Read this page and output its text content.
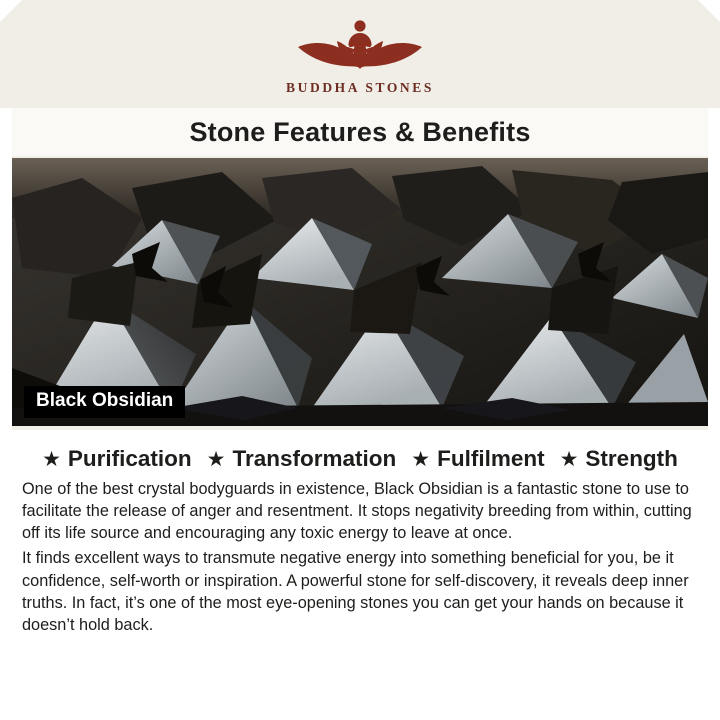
BUDDHA STONES
Stone Features & Benefits
Black Obsidian
★ Purification ★ Transformation ★ Fulfilment ★ Strength

One of the best crystal bodyguards in existence, Black Obsidian is a fantastic stone to use to facilitate the release of anger and resentment. It stops negativity breeding from within, cutting off its life source and encouraging any toxic energy to leave at once.

It finds excellent ways to transmute negative energy into something beneficial for you, be it confidence, self-worth or inspiration. A powerful stone for self-discovery, it reveals deep inner truths. In fact, it’s one of the most eye-opening stones you can get your hands on because it doesn’t hold back.
